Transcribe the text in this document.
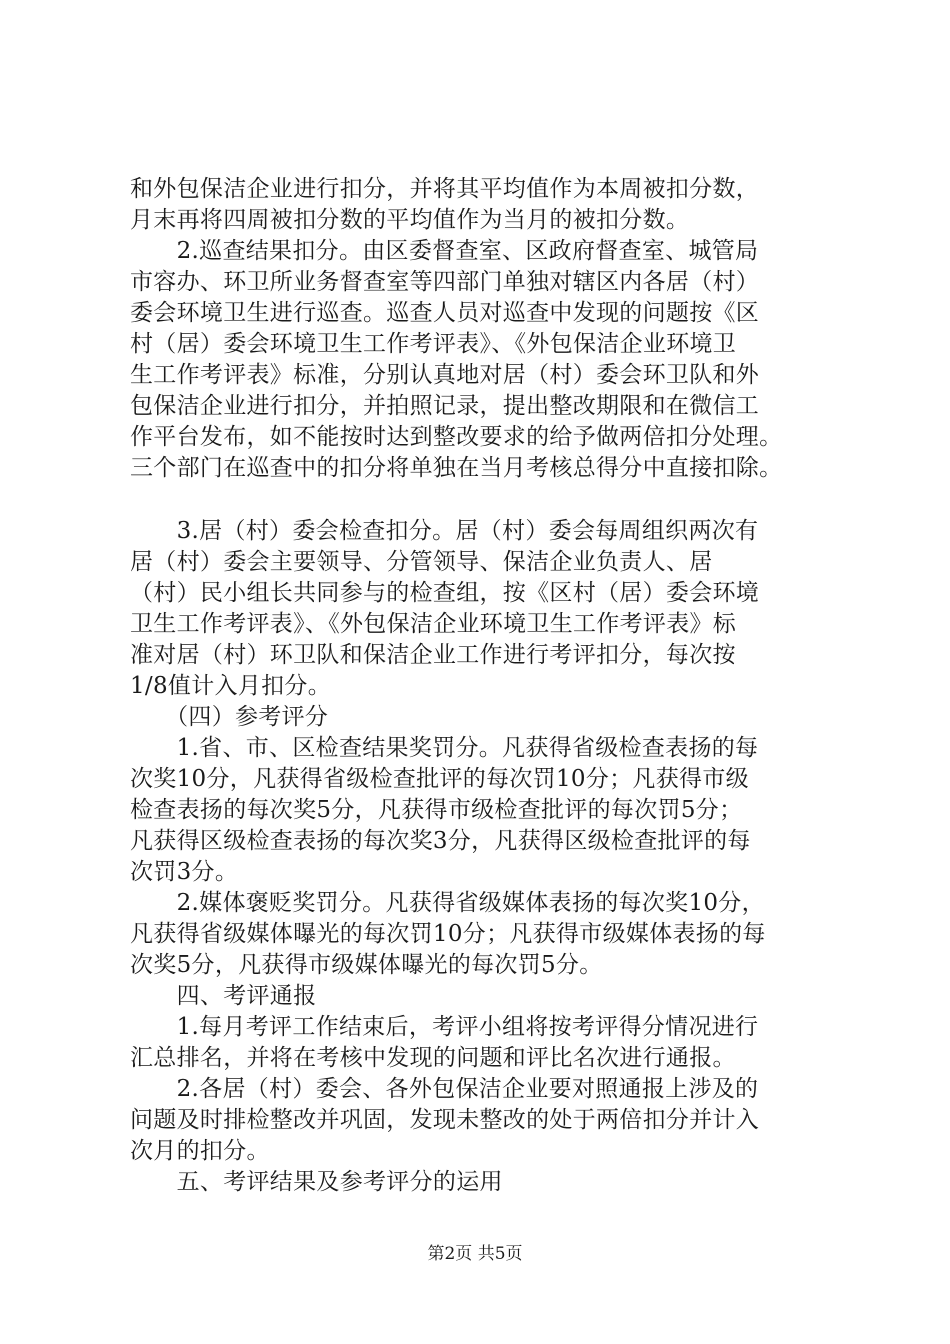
和外包保洁企业进行扣分，并将其平均值作为本周被扣分数，
月末再将四周被扣分数的平均值作为当月的被扣分数。
　　2.巡查结果扣分。由区委督查室、区政府督查室、城管局
市容办、环卫所业务督查室等四部门单独对辖区内各居（村）
委会环境卫生进行巡查。巡查人员对巡查中发现的问题按《区
村（居）委会环境卫生工作考评表》、《外包保洁企业环境卫
生工作考评表》标准，分别认真地对居（村）委会环卫队和外
包保洁企业进行扣分，并拍照记录，提出整改期限和在微信工
作平台发布，如不能按时达到整改要求的给予做两倍扣分处理。
三个部门在巡查中的扣分将单独在当月考核总得分中直接扣除。
　　3.居（村）委会检查扣分。居（村）委会每周组织两次有
居（村）委会主要领导、分管领导、保洁企业负责人、居
（村）民小组长共同参与的检查组，按《区村（居）委会环境
卫生工作考评表》、《外包保洁企业环境卫生工作考评表》标
准对居（村）环卫队和保洁企业工作进行考评扣分，每次按
1/8值计入月扣分。
　　（四）参考评分
　　1.省、市、区检查结果奖罚分。凡获得省级检查表扬的每
次奖10分，凡获得省级检查批评的每次罚10分；凡获得市级
检查表扬的每次奖5分，凡获得市级检查批评的每次罚5分；
凡获得区级检查表扬的每次奖3分，凡获得区级检查批评的每
次罚3分。
　　2.媒体褒贬奖罚分。凡获得省级媒体表扬的每次奖10分，
凡获得省级媒体曝光的每次罚10分；凡获得市级媒体表扬的每
次奖5分，凡获得市级媒体曝光的每次罚5分。
　　四、考评通报
　　1.每月考评工作结束后，考评小组将按考评得分情况进行
汇总排名，并将在考核中发现的问题和评比名次进行通报。
　　2.各居（村）委会、各外包保洁企业要对照通报上涉及的
问题及时排检整改并巩固，发现未整改的处于两倍扣分并计入
次月的扣分。
　　五、考评结果及参考评分的运用
第2页 共5页
